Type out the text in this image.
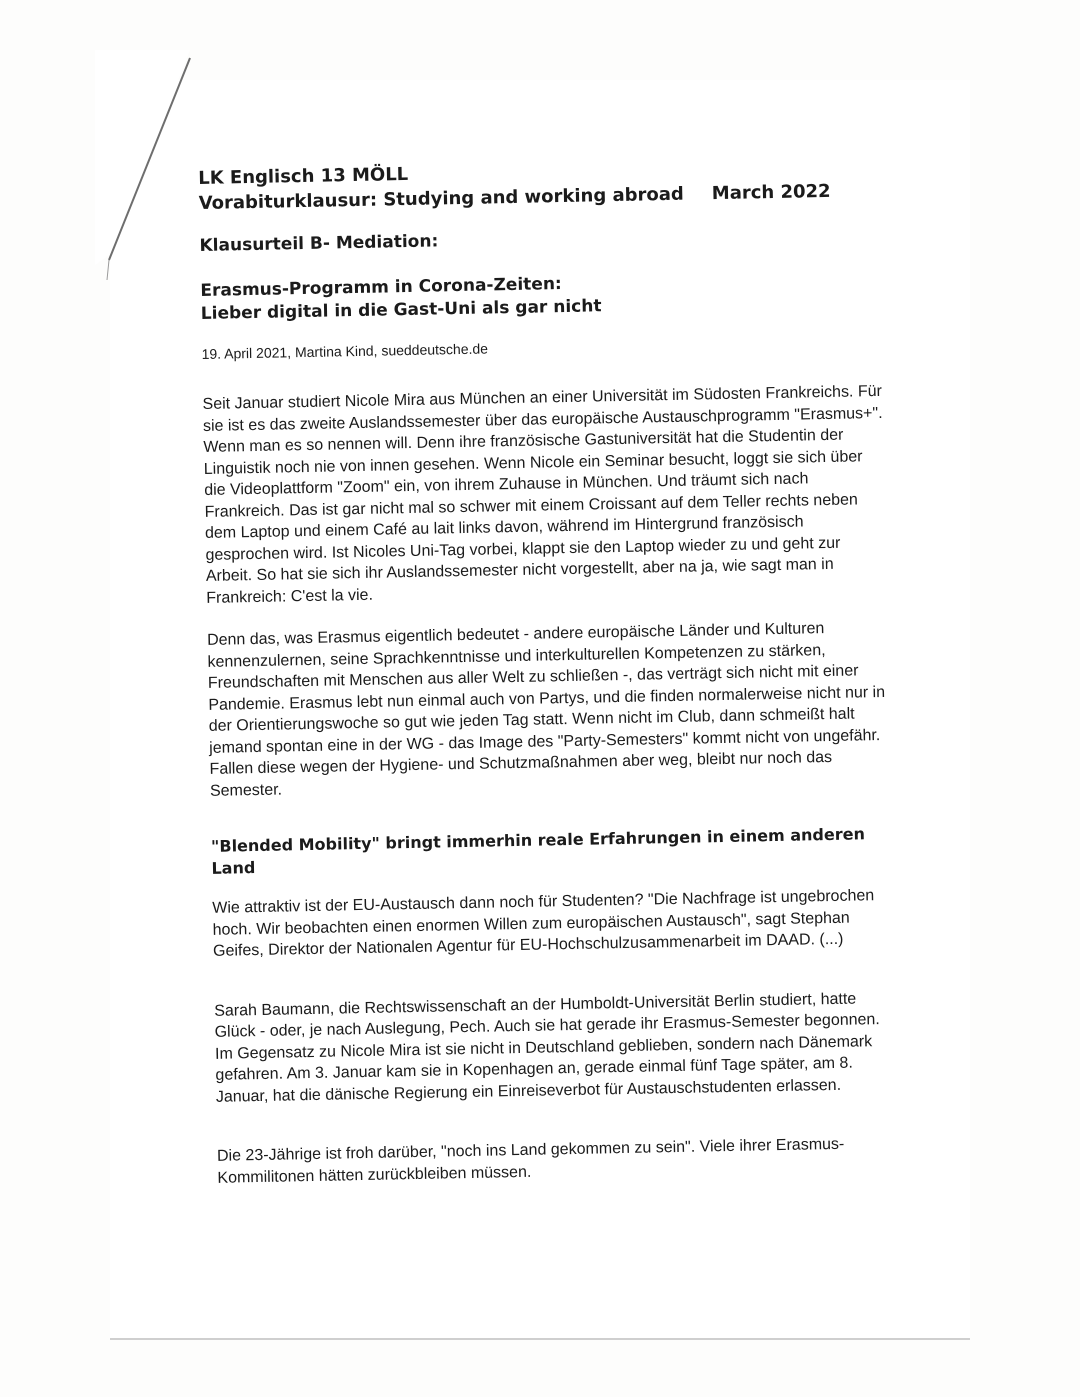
LK Englisch 13 MÖLL

Vorabiturklausur: Studying and working abroad March 2022

Klausurteil B- Mediation:

Erasmus-Programm in Corona-Zeiten:
Lieber digital in die Gast-Uni als gar nicht

19. April 2021, Martina Kind, sueddeutsche.de

Seit Januar studiert Nicole Mira aus München an einer Universität im Südosten Frankreichs. Für sie ist es das zweite Auslandssemester über das europäische Austauschprogramm "Erasmus+". Wenn man es so nennen will. Denn ihre französische Gastuniversität hat die Studentin der Linguistik noch nie von innen gesehen. Wenn Nicole ein Seminar besucht, loggt sie sich über die Videoplattform "Zoom" ein, von ihrem Zuhause in München. Und träumt sich nach Frankreich. Das ist gar nicht mal so schwer mit einem Croissant auf dem Teller rechts neben dem Laptop und einem Café au lait links davon, während im Hintergrund französisch gesprochen wird. Ist Nicoles Uni-Tag vorbei, klappt sie den Laptop wieder zu und geht zur Arbeit. So hat sie sich ihr Auslandssemester nicht vorgestellt, aber na ja, wie sagt man in Frankreich: C'est la vie.

Denn das, was Erasmus eigentlich bedeutet - andere europäische Länder und Kulturen kennenzulernen, seine Sprachkenntnisse und interkulturellen Kompetenzen zu stärken, Freundschaften mit Menschen aus aller Welt zu schließen -, das verträgt sich nicht mit einer Pandemie. Erasmus lebt nun einmal auch von Partys, und die finden normalerweise nicht nur in der Orientierungswoche so gut wie jeden Tag statt. Wenn nicht im Club, dann schmeißt halt jemand spontan eine in der WG - das Image des "Party-Semesters" kommt nicht von ungefähr. Fallen diese wegen der Hygiene- und Schutzmaßnahmen aber weg, bleibt nur noch das Semester.

"Blended Mobility" bringt immerhin reale Erfahrungen in einem anderen Land

Wie attraktiv ist der EU-Austausch dann noch für Studenten? "Die Nachfrage ist ungebrochen hoch. Wir beobachten einen enormen Willen zum europäischen Austausch", sagt Stephan Geifes, Direktor der Nationalen Agentur für EU-Hochschulzusammenarbeit im DAAD. (...)

Sarah Baumann, die Rechtswissenschaft an der Humboldt-Universität Berlin studiert, hatte Glück - oder, je nach Auslegung, Pech. Auch sie hat gerade ihr Erasmus-Semester begonnen. Im Gegensatz zu Nicole Mira ist sie nicht in Deutschland geblieben, sondern nach Dänemark gefahren. Am 3. Januar kam sie in Kopenhagen an, gerade einmal fünf Tage später, am 8. Januar, hat die dänische Regierung ein Einreiseverbot für Austauschstudenten erlassen.

Die 23-Jährige ist froh darüber, "noch ins Land gekommen zu sein". Viele ihrer Erasmus-Kommilitonen hätten zurückbleiben müssen.
